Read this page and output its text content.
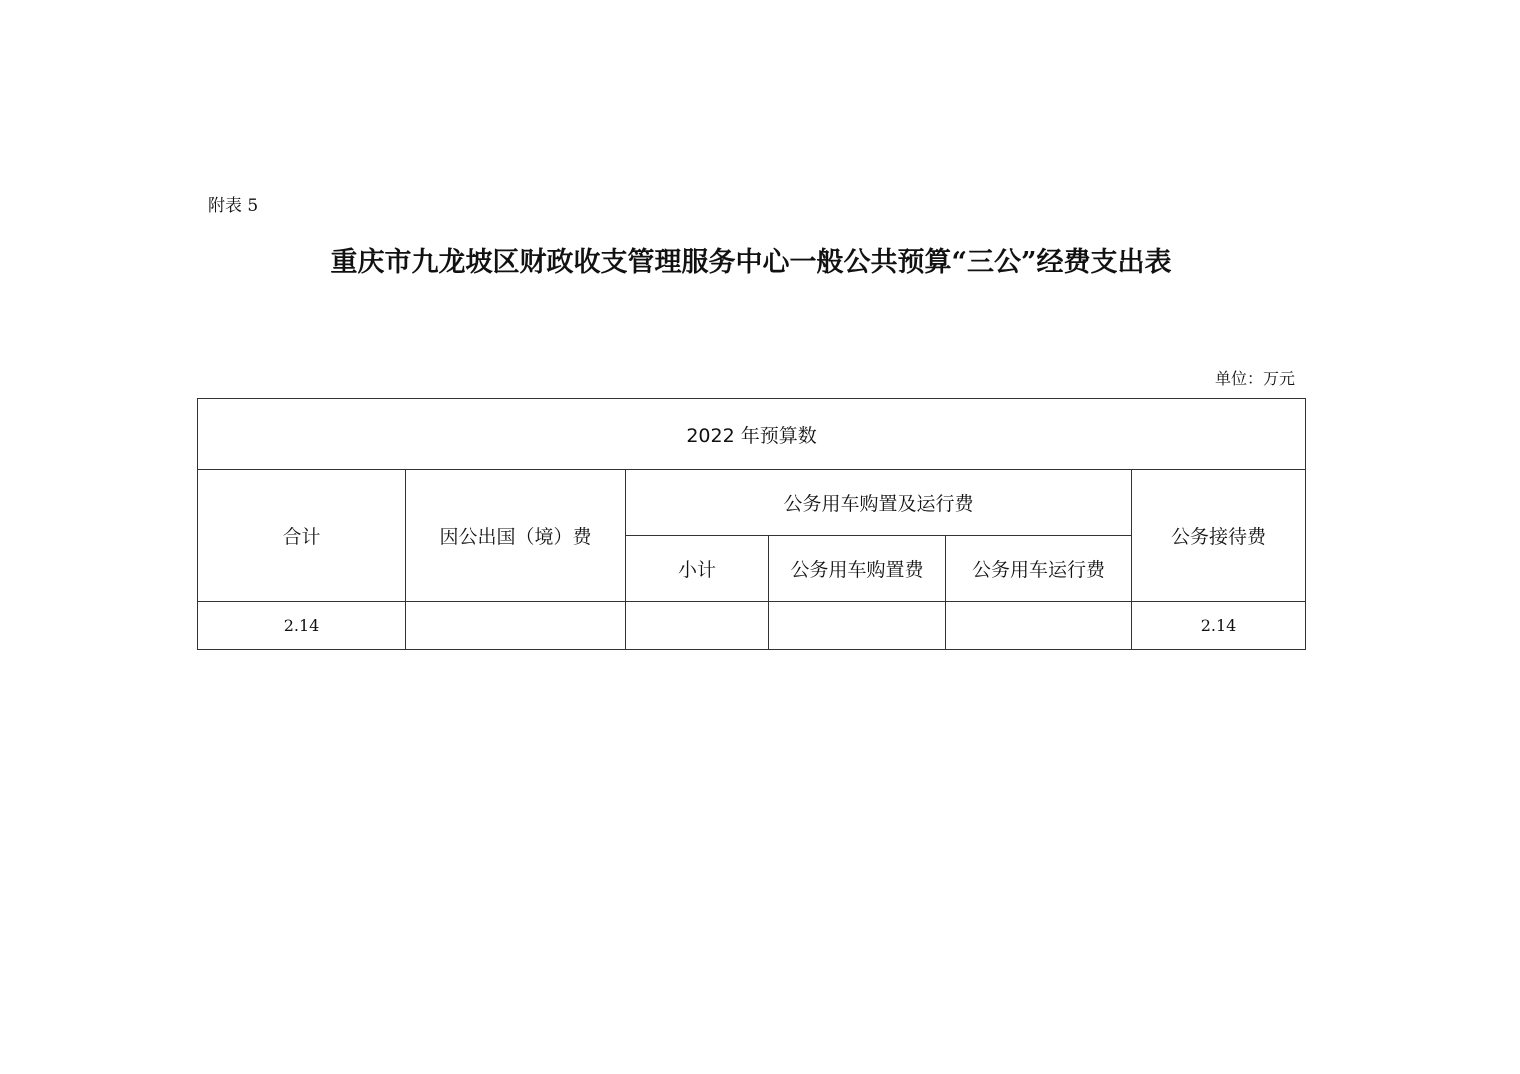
附表 5
重庆市九龙坡区财政收支管理服务中心一般公共预算“三公”经费支出表
单位：万元
2022 年预算数					
合计	因公出国（境）费	公务用车购置及运行费			公务接待费
		小计	公务用车购置费	公务用车运行费	
2.14					2.14
